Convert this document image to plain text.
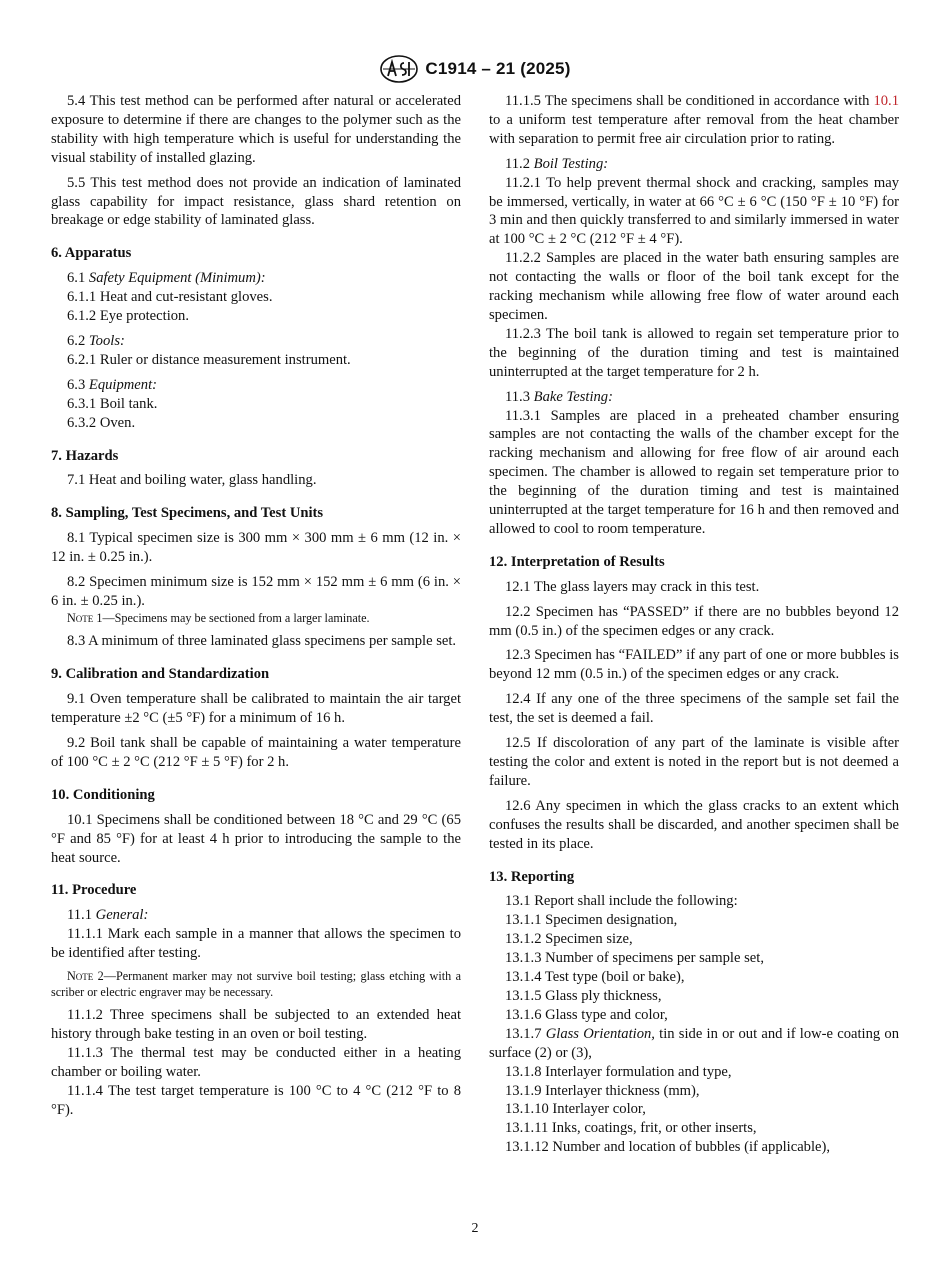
C1914 – 21 (2025)

5.4 This test method can be performed after natural or accelerated exposure to determine if there are changes to the polymer such as the stability with high temperature which is useful for understanding the visual stability of installed glazing.

5.5 This test method does not provide an indication of laminated glass capability for impact resistance, glass shard retention on breakage or edge stability of laminated glass.

6. Apparatus

6.1 Safety Equipment (Minimum):

6.1.1 Heat and cut-resistant gloves.

6.1.2 Eye protection.

6.2 Tools:

6.2.1 Ruler or distance measurement instrument.

6.3 Equipment:

6.3.1 Boil tank.

6.3.2 Oven.

7. Hazards

7.1 Heat and boiling water, glass handling.

8. Sampling, Test Specimens, and Test Units

8.1 Typical specimen size is 300 mm × 300 mm ± 6 mm (12 in. × 12 in. ± 0.25 in.).

8.2 Specimen minimum size is 152 mm × 152 mm ± 6 mm (6 in. × 6 in. ± 0.25 in.).

Note 1—Specimens may be sectioned from a larger laminate.

8.3 A minimum of three laminated glass specimens per sample set.

9. Calibration and Standardization

9.1 Oven temperature shall be calibrated to maintain the air target temperature ±2 °C (±5 °F) for a minimum of 16 h.

9.2 Boil tank shall be capable of maintaining a water temperature of 100 °C ± 2 °C (212 °F ± 5 °F) for 2 h.

10. Conditioning

10.1 Specimens shall be conditioned between 18 °C and 29 °C (65 °F and 85 °F) for at least 4 h prior to introducing the sample to the heat source.

11. Procedure

11.1 General:

11.1.1 Mark each sample in a manner that allows the specimen to be identified after testing.

Note 2—Permanent marker may not survive boil testing; glass etching with a scriber or electric engraver may be necessary.

11.1.2 Three specimens shall be subjected to an extended heat history through bake testing in an oven or boil testing.

11.1.3 The thermal test may be conducted either in a heating chamber or boiling water.

11.1.4 The test target temperature is 100 °C to 4 °C (212 °F to 8 °F).

11.1.5 The specimens shall be conditioned in accordance with 10.1 to a uniform test temperature after removal from the heat chamber with separation to permit free air circulation prior to rating.

11.2 Boil Testing:

11.2.1 To help prevent thermal shock and cracking, samples may be immersed, vertically, in water at 66 °C ± 6 °C (150 °F ± 10 °F) for 3 min and then quickly transferred to and similarly immersed in water at 100 °C ± 2 °C (212 °F ± 4 °F).

11.2.2 Samples are placed in the water bath ensuring samples are not contacting the walls or floor of the boil tank except for the racking mechanism while allowing free flow of water around each specimen.

11.2.3 The boil tank is allowed to regain set temperature prior to the beginning of the duration timing and test is maintained uninterrupted at the target temperature for 2 h.

11.3 Bake Testing:

11.3.1 Samples are placed in a preheated chamber ensuring samples are not contacting the walls of the chamber except for the racking mechanism and allowing for free flow of air around each specimen. The chamber is allowed to regain set temperature prior to the beginning of the duration timing and test is maintained uninterrupted at the target temperature for 16 h and then removed and allowed to cool to room temperature.

12. Interpretation of Results

12.1 The glass layers may crack in this test.

12.2 Specimen has “PASSED” if there are no bubbles beyond 12 mm (0.5 in.) of the specimen edges or any crack.

12.3 Specimen has “FAILED” if any part of one or more bubbles is beyond 12 mm (0.5 in.) of the specimen edges or any crack.

12.4 If any one of the three specimens of the sample set fail the test, the set is deemed a fail.

12.5 If discoloration of any part of the laminate is visible after testing the color and extent is noted in the report but is not deemed a failure.

12.6 Any specimen in which the glass cracks to an extent which confuses the results shall be discarded, and another specimen shall be tested in its place.

13. Reporting

13.1 Report shall include the following:

13.1.1 Specimen designation,

13.1.2 Specimen size,

13.1.3 Number of specimens per sample set,

13.1.4 Test type (boil or bake),

13.1.5 Glass ply thickness,

13.1.6 Glass type and color,

13.1.7 Glass Orientation, tin side in or out and if low-e coating on surface (2) or (3),

13.1.8 Interlayer formulation and type,

13.1.9 Interlayer thickness (mm),

13.1.10 Interlayer color,

13.1.11 Inks, coatings, frit, or other inserts,

13.1.12 Number and location of bubbles (if applicable),

2
